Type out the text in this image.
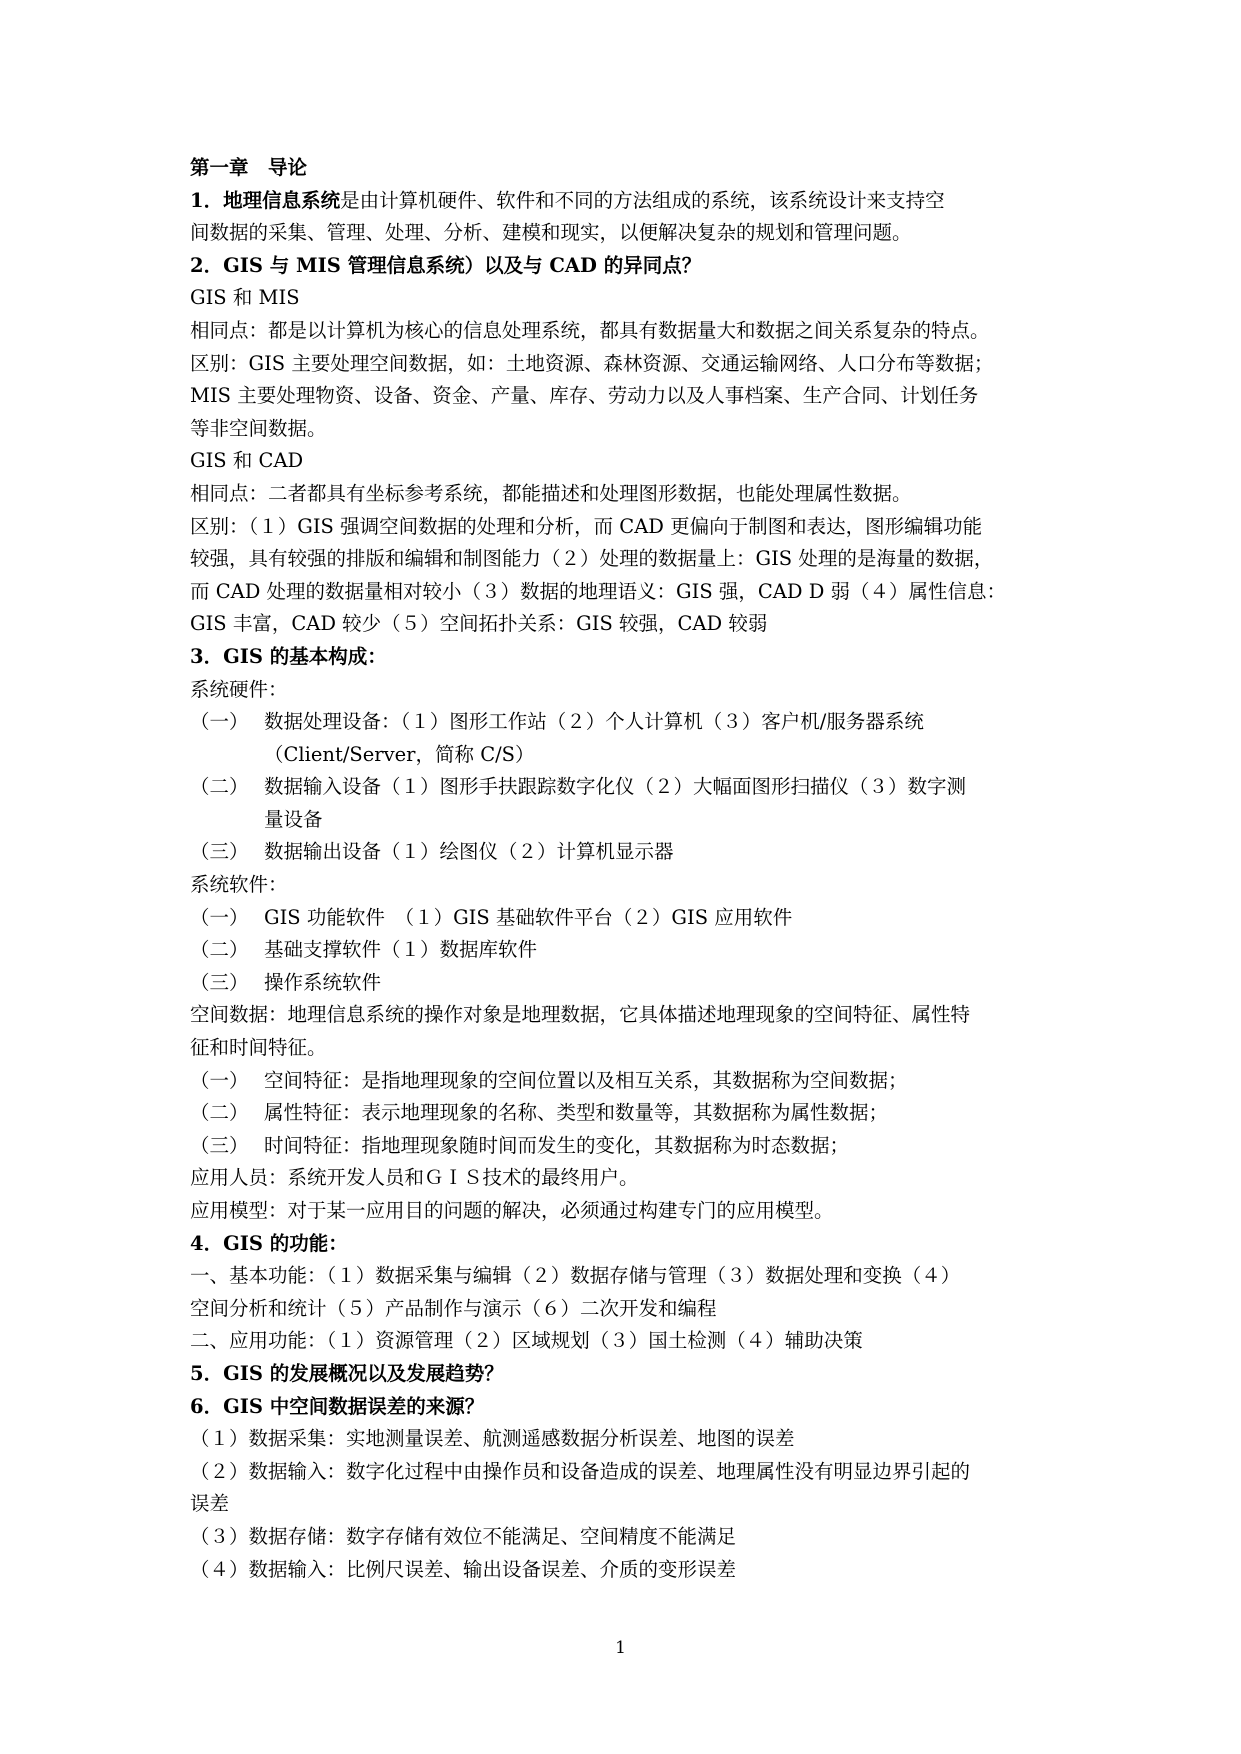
第一章　导论
1．地理信息系统是由计算机硬件、软件和不同的方法组成的系统，该系统设计来支持空
间数据的采集、管理、处理、分析、建模和现实，以便解决复杂的规划和管理问题。
2．GIS 与 MIS 管理信息系统）以及与 CAD 的异同点？
GIS 和 MIS
相同点：都是以计算机为核心的信息处理系统，都具有数据量大和数据之间关系复杂的特点。
区别：GIS 主要处理空间数据，如：土地资源、森林资源、交通运输网络、人口分布等数据；
MIS 主要处理物资、设备、资金、产量、库存、劳动力以及人事档案、生产合同、计划任务
等非空间数据。
GIS 和 CAD
相同点：二者都具有坐标参考系统，都能描述和处理图形数据，也能处理属性数据。
区别：（１）GIS 强调空间数据的处理和分析，而 CAD 更偏向于制图和表达，图形编辑功能
较强，具有较强的排版和编辑和制图能力（２）处理的数据量上：GIS 处理的是海量的数据，
而 CAD 处理的数据量相对较小（３）数据的地理语义：GIS 强，CAD D 弱（４）属性信息：
GIS 丰富，CAD 较少（５）空间拓扑关系：GIS 较强，CAD 较弱
3．GIS 的基本构成：
系统硬件：
（一） 数据处理设备：（１）图形工作站（２）个人计算机（３）客户机/服务器系统
（Client/Server，简称 C/S）
（二） 数据输入设备（１）图形手扶跟踪数字化仪（２）大幅面图形扫描仪（３）数字测
量设备
（三） 数据输出设备（１）绘图仪（２）计算机显示器
系统软件：
（一） GIS 功能软件　（１）GIS 基础软件平台（２）GIS 应用软件
（二） 基础支撑软件（１）数据库软件
（三） 操作系统软件
空间数据：地理信息系统的操作对象是地理数据，它具体描述地理现象的空间特征、属性特
征和时间特征。
（一） 空间特征：是指地理现象的空间位置以及相互关系，其数据称为空间数据；
（二） 属性特征：表示地理现象的名称、类型和数量等，其数据称为属性数据；
（三） 时间特征：指地理现象随时间而发生的变化，其数据称为时态数据；
应用人员：系统开发人员和ＧＩＳ技术的最终用户。
应用模型：对于某一应用目的问题的解决，必须通过构建专门的应用模型。
4．GIS 的功能：
一、基本功能：（１）数据采集与编辑（２）数据存储与管理（３）数据处理和变换（４）
空间分析和统计（５）产品制作与演示（６）二次开发和编程
二、应用功能：（１）资源管理（２）区域规划（３）国土检测（４）辅助决策
5．GIS 的发展概况以及发展趋势？
6．GIS 中空间数据误差的来源？
（１）数据采集：实地测量误差、航测遥感数据分析误差、地图的误差
（２）数据输入：数字化过程中由操作员和设备造成的误差、地理属性没有明显边界引起的
误差
（３）数据存储：数字存储有效位不能满足、空间精度不能满足
（４）数据输入：比例尺误差、输出设备误差、介质的变形误差
1
